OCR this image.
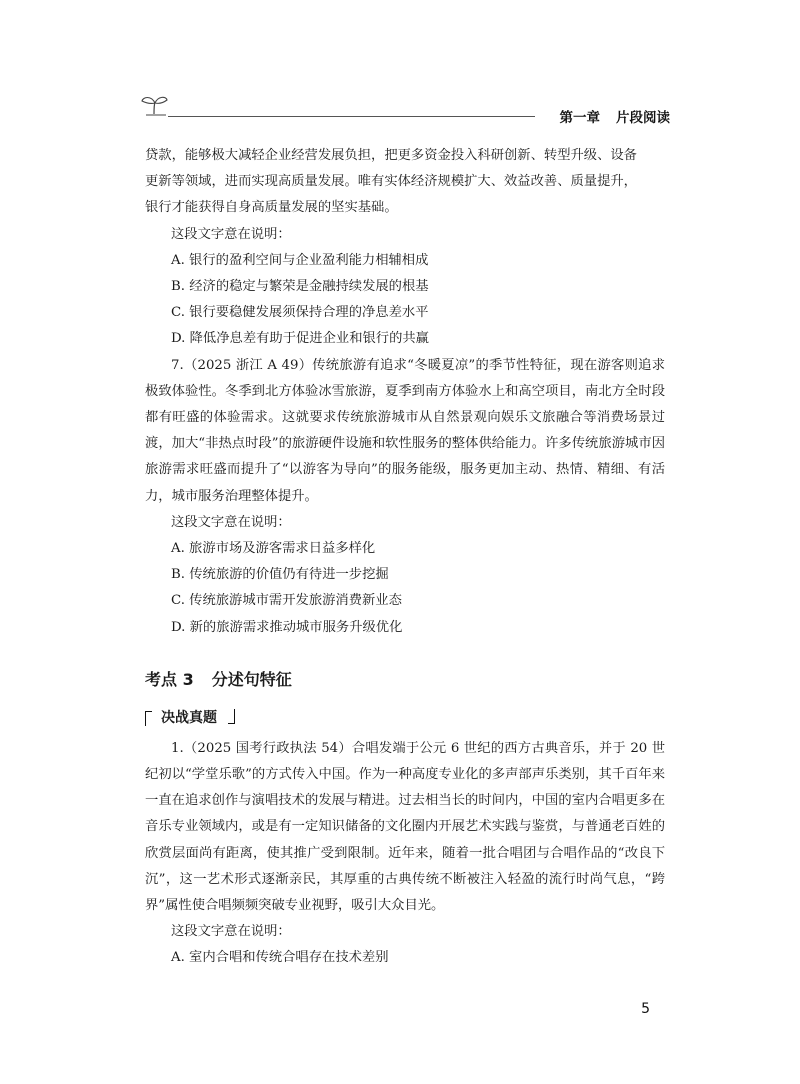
第一章 片段阅读

贷款，能够极大减轻企业经营发展负担，把更多资金投入科研创新、转型升级、设备

更新等领域，进而实现高质量发展。唯有实体经济规模扩大、效益改善、质量提升，

银行才能获得自身高质量发展的坚实基础。

这段文字意在说明：

A. 银行的盈利空间与企业盈利能力相辅相成

B. 经济的稳定与繁荣是金融持续发展的根基

C. 银行要稳健发展须保持合理的净息差水平

D. 降低净息差有助于促进企业和银行的共赢

7.（2025 浙江 A 49）传统旅游有追求“冬暖夏凉”的季节性特征，现在游客则追求极致体验性。冬季到北方体验冰雪旅游，夏季到南方体验水上和高空项目，南北方全时段都有旺盛的体验需求。这就要求传统旅游城市从自然景观向娱乐文旅融合等消费场景过渡，加大“非热点时段”的旅游硬件设施和软性服务的整体供给能力。许多传统旅游城市因旅游需求旺盛而提升了“以游客为导向”的服务能级，服务更加主动、热情、精细、有活力，城市服务治理整体提升。

这段文字意在说明：

A. 旅游市场及游客需求日益多样化

B. 传统旅游的价值仍有待进一步挖掘

C. 传统旅游城市需开发旅游消费新业态

D. 新的旅游需求推动城市服务升级优化

考点 3 分述句特征
决战真题

1.（2025 国考行政执法 54）合唱发端于公元 6 世纪的西方古典音乐，并于 20 世纪初以“学堂乐歌”的方式传入中国。作为一种高度专业化的多声部声乐类别，其千百年来一直在追求创作与演唱技术的发展与精进。过去相当长的时间内，中国的室内合唱更多在音乐专业领域内，或是有一定知识储备的文化圈内开展艺术实践与鉴赏，与普通老百姓的欣赏层面尚有距离，使其推广受到限制。近年来，随着一批合唱团与合唱作品的“改良下沉”，这一艺术形式逐渐亲民，其厚重的古典传统不断被注入轻盈的流行时尚气息，“跨界”属性使合唱频频突破专业视野，吸引大众目光。

这段文字意在说明：

A. 室内合唱和传统合唱存在技术差别

5
